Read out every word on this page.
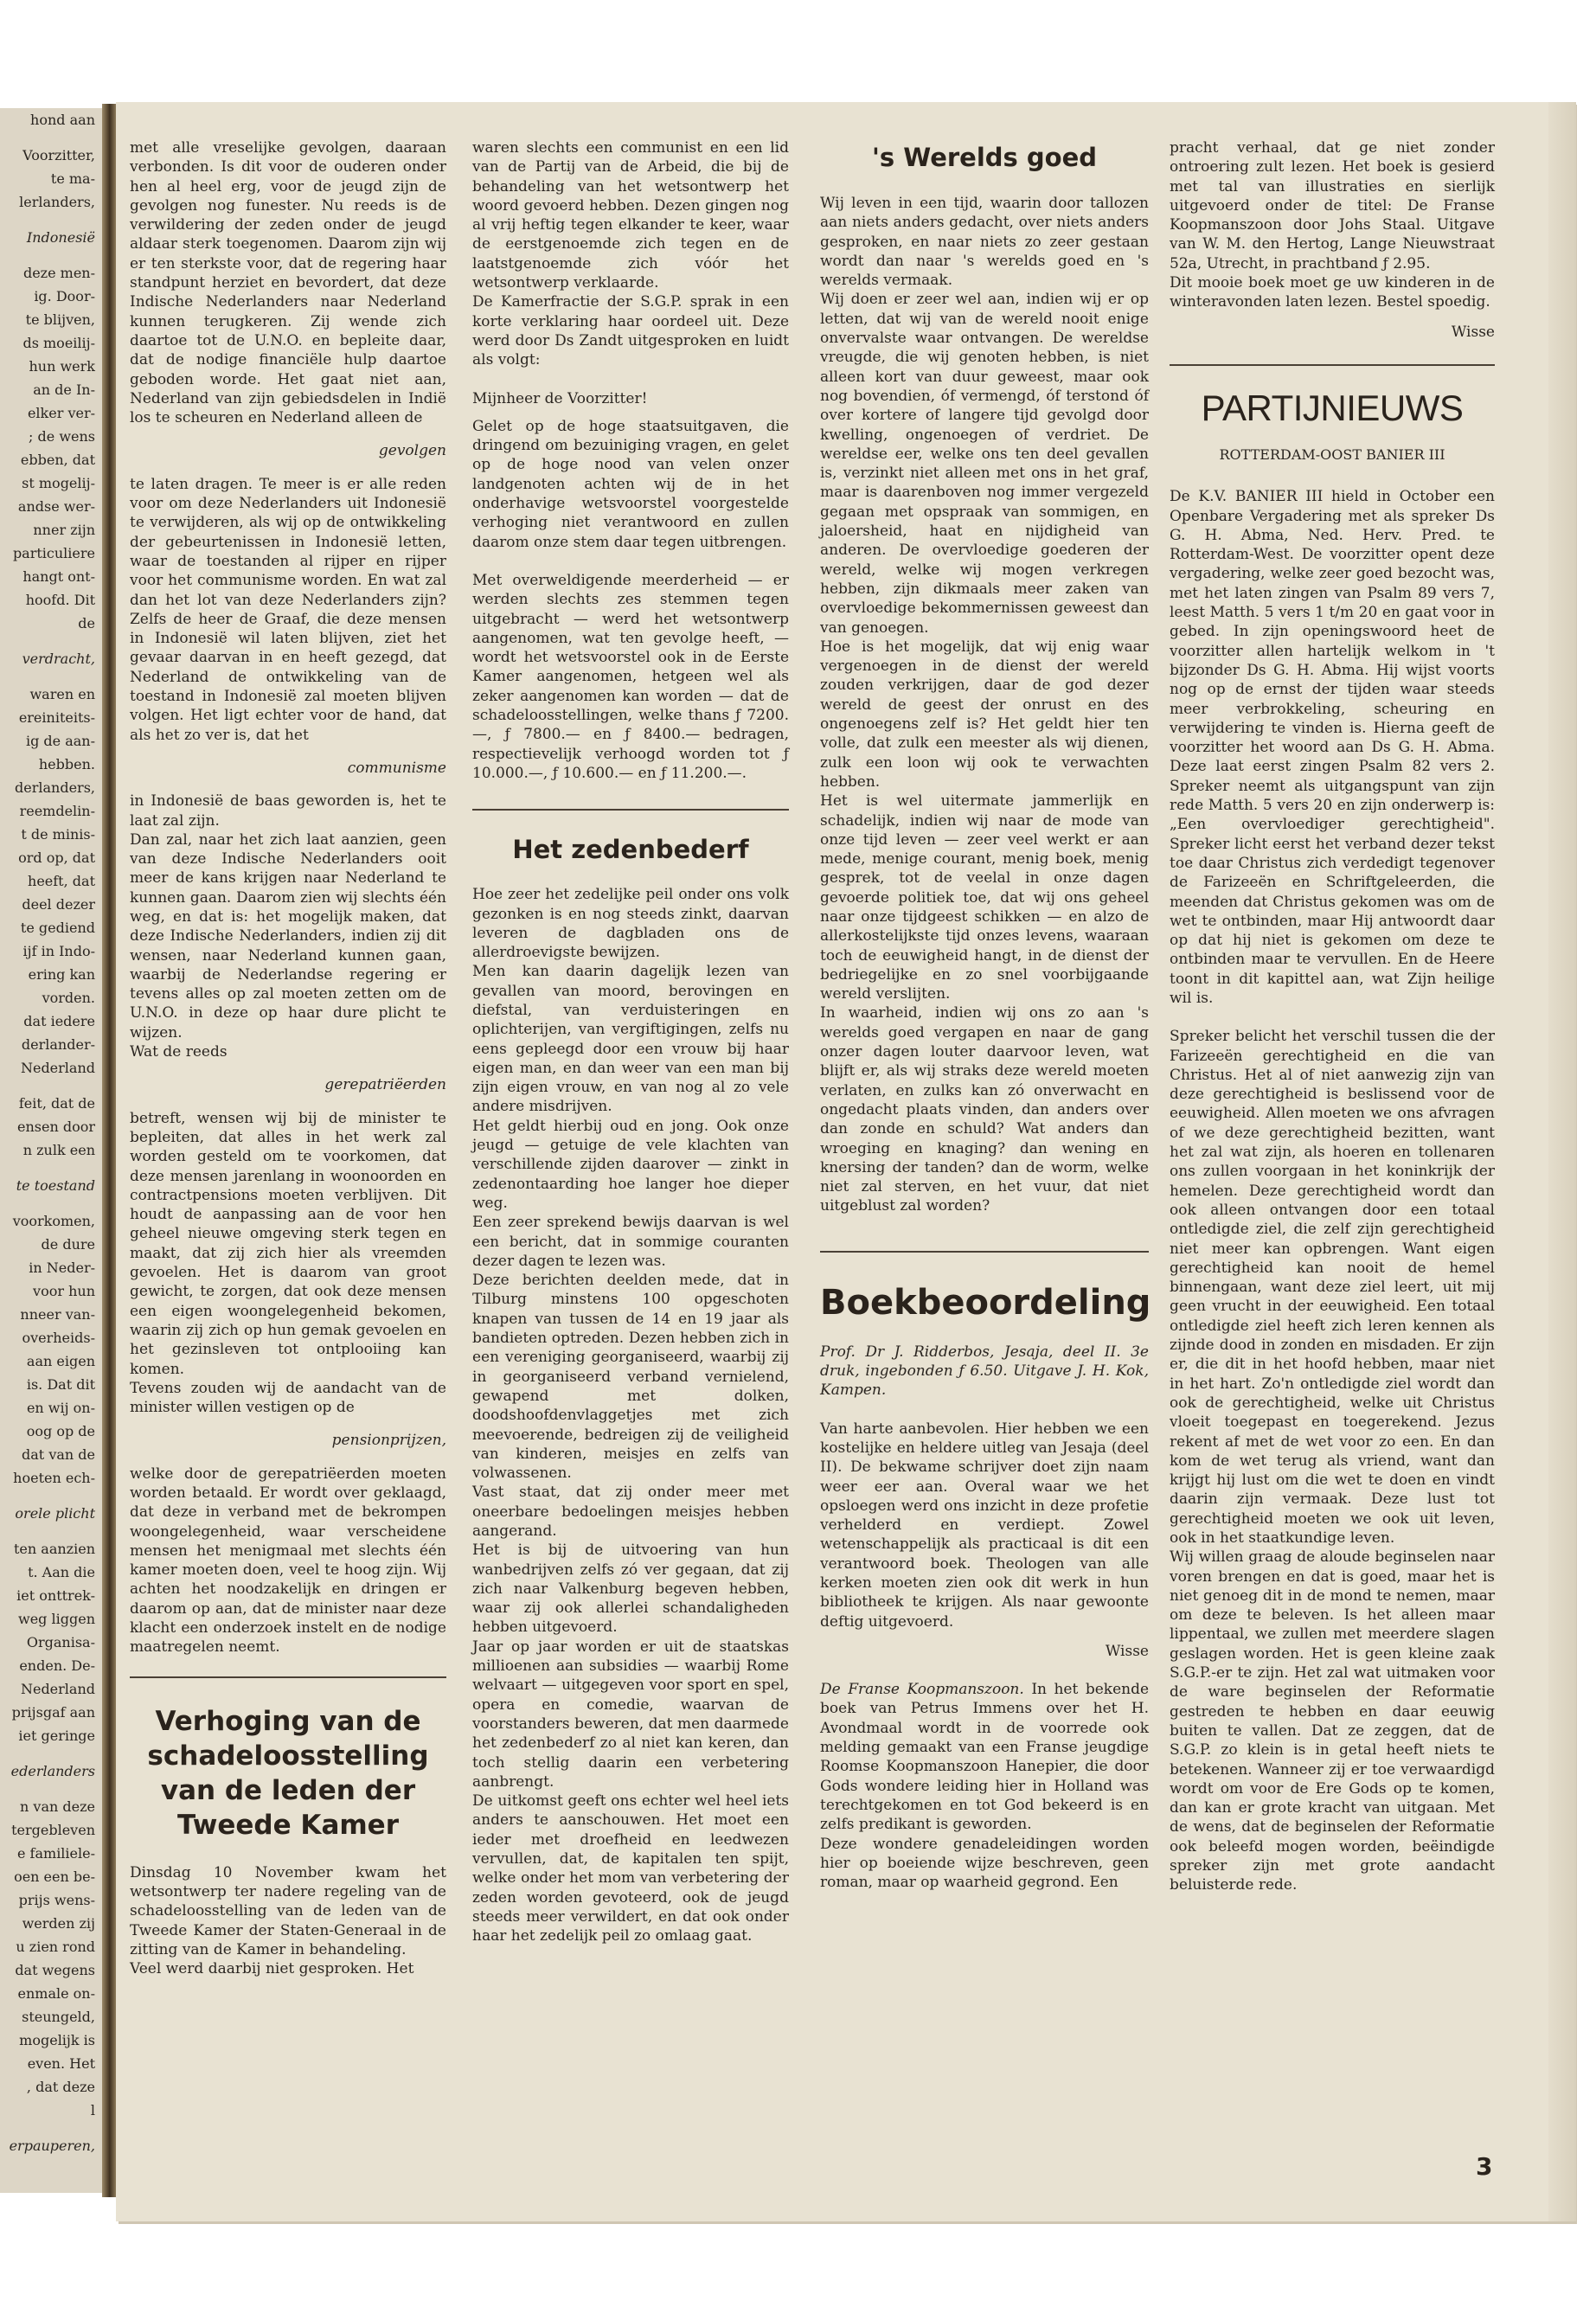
hond aan

Voorzitter,

te ma-

lerlanders,

Indonesië

deze men-

ig. Door-

te blijven,

ds moeilij-

hun werk

an de In-

elker ver-

; de wens

ebben, dat

st mogelij-

andse wer-

nner zijn

particuliere

hangt ont-

hoofd. Dit

de

verdracht,

waren en

ereiniteits-

ig de aan-

hebben.

derlanders,

reemdelin-

t de minis-

ord op, dat

heeft, dat

deel dezer

te gediend

ijf in Indo-

ering kan

vorden.

dat iedere

derlander-

Nederland

feit, dat de

ensen door

n zulk een

te toestand

voorkomen,

de dure

in Neder-

voor hun

nneer van-

overheids-

aan eigen

is. Dat dit

en wij on-

oog op de

dat van de

hoeten ech-

orele plicht

ten aanzien

t. Aan die

iet onttrek-

weg liggen

Organisa-

enden. De-

Nederland

prijsgaf aan

iet geringe

ederlanders

n van deze

tergebleven

e familiele-

oen een be-

prijs wens-

werden zij

u zien rond

dat wegens

enmale on-

steungeld,

mogelijk is

even. Het

, dat deze

l

erpauperen,

met alle vreselijke gevolgen, daaraan verbonden. Is dit voor de ouderen onder hen al heel erg, voor de jeugd zijn de gevolgen nog funester. Nu reeds is de verwildering der zeden onder de jeugd aldaar sterk toegenomen. Daarom zijn wij er ten sterkste voor, dat de regering haar standpunt herziet en bevordert, dat deze Indische Nederlanders naar Nederland kunnen terugkeren. Zij wende zich daartoe tot de U.N.O. en bepleite daar, dat de nodige financiële hulp daartoe geboden worde. Het gaat niet aan, Nederland van zijn gebiedsdelen in Indië los te scheuren en Nederland alleen de

gevolgen

te laten dragen. Te meer is er alle reden voor om deze Nederlanders uit Indonesië te verwijderen, als wij op de ontwikkeling der gebeurtenissen in Indonesië letten, waar de toestanden al rijper en rijper voor het communisme worden. En wat zal dan het lot van deze Nederlanders zijn? Zelfs de heer de Graaf, die deze mensen in Indonesië wil laten blijven, ziet het gevaar daarvan in en heeft gezegd, dat Nederland de ontwikkeling van de toestand in Indonesië zal moeten blijven volgen. Het ligt echter voor de hand, dat als het zo ver is, dat het

communisme

in Indonesië de baas geworden is, het te laat zal zijn.

Dan zal, naar het zich laat aanzien, geen van deze Indische Nederlanders ooit meer de kans krijgen naar Nederland te kunnen gaan. Daarom zien wij slechts één weg, en dat is: het mogelijk maken, dat deze Indische Nederlanders, indien zij dit wensen, naar Nederland kunnen gaan, waarbij de Nederlandse regering er tevens alles op zal moeten zetten om de U.N.O. in deze op haar dure plicht te wijzen.

Wat de reeds

gerepatriëerden

betreft, wensen wij bij de minister te bepleiten, dat alles in het werk zal worden gesteld om te voorkomen, dat deze mensen jarenlang in woonoorden en contractpensions moeten verblijven. Dit houdt de aanpassing aan de voor hen geheel nieuwe omgeving sterk tegen en maakt, dat zij zich hier als vreemden gevoelen. Het is daarom van groot gewicht, te zorgen, dat ook deze mensen een eigen woongelegenheid bekomen, waarin zij zich op hun gemak gevoelen en het gezinsleven tot ontplooiing kan komen.

Tevens zouden wij de aandacht van de minister willen vestigen op de

pensionprijzen,

welke door de gerepatriëerden moeten worden betaald. Er wordt over geklaagd, dat deze in verband met de bekrompen woongelegenheid, waar verscheidene mensen het menigmaal met slechts één kamer moeten doen, veel te hoog zijn. Wij achten het noodzakelijk en dringen er daarom op aan, dat de minister naar deze klacht een onderzoek instelt en de nodige maatregelen neemt.

Verhoging van de schadeloosstelling van de leden der Tweede Kamer

Dinsdag 10 November kwam het wetsontwerp ter nadere regeling van de schadeloosstelling van de leden van de Tweede Kamer der Staten-Generaal in de zitting van de Kamer in behandeling.

Veel werd daarbij niet gesproken. Het

waren slechts een communist en een lid van de Partij van de Arbeid, die bij de behandeling van het wetsontwerp het woord gevoerd hebben. Dezen gingen nog al vrij heftig tegen elkander te keer, waar de eerstgenoemde zich tegen en de laatstgenoemde zich vóór het wetsontwerp verklaarde.

De Kamerfractie der S.G.P. sprak in een korte verklaring haar oordeel uit. Deze werd door Ds Zandt uitgesproken en luidt als volgt:

Mijnheer de Voorzitter!

Gelet op de hoge staatsuitgaven, die dringend om bezuiniging vragen, en gelet op de hoge nood van velen onzer landgenoten achten wij de in het onderhavige wetsvoorstel voorgestelde verhoging niet verantwoord en zullen daarom onze stem daar tegen uitbrengen.

Met overweldigende meerderheid — er werden slechts zes stemmen tegen uitgebracht — werd het wetsontwerp aangenomen, wat ten gevolge heeft, — wordt het wetsvoorstel ook in de Eerste Kamer aangenomen, hetgeen wel als zeker aangenomen kan worden — dat de schadeloosstellingen, welke thans ƒ 7200.—, ƒ 7800.— en ƒ 8400.— bedragen, respectievelijk verhoogd worden tot ƒ 10.000.—, ƒ 10.600.— en ƒ 11.200.—.

Het zedenbederf

Hoe zeer het zedelijke peil onder ons volk gezonken is en nog steeds zinkt, daarvan leveren de dagbladen ons de allerdroevigste bewijzen.

Men kan daarin dagelijk lezen van gevallen van moord, berovingen en diefstal, van verduisteringen en oplichterijen, van vergiftigingen, zelfs nu eens gepleegd door een vrouw bij haar eigen man, en dan weer van een man bij zijn eigen vrouw, en van nog al zo vele andere misdrijven.

Het geldt hierbij oud en jong. Ook onze jeugd — getuige de vele klachten van verschillende zijden daarover — zinkt in zedenontaarding hoe langer hoe dieper weg.

Een zeer sprekend bewijs daarvan is wel een bericht, dat in sommige couranten dezer dagen te lezen was.

Deze berichten deelden mede, dat in Tilburg minstens 100 opgeschoten knapen van tussen de 14 en 19 jaar als bandieten optreden. Dezen hebben zich in een vereniging georganiseerd, waarbij zij in georganiseerd verband vernielend, gewapend met dolken, doodshoofdenvlaggetjes met zich meevoerende, bedreigen zij de veiligheid van kinderen, meisjes en zelfs van volwassenen.

Vast staat, dat zij onder meer met oneerbare bedoelingen meisjes hebben aangerand.

Het is bij de uitvoering van hun wanbedrijven zelfs zó ver gegaan, dat zij zich naar Valkenburg begeven hebben, waar zij ook allerlei schandaligheden hebben uitgevoerd.

Jaar op jaar worden er uit de staatskas millioenen aan subsidies — waarbij Rome welvaart — uitgegeven voor sport en spel, opera en comedie, waarvan de voorstanders beweren, dat men daarmede het zedenbederf zo al niet kan keren, dan toch stellig daarin een verbetering aanbrengt.

De uitkomst geeft ons echter wel heel iets anders te aanschouwen. Het moet een ieder met droefheid en leedwezen vervullen, dat, de kapitalen ten spijt, welke onder het mom van verbetering der zeden worden gevoteerd, ook de jeugd steeds meer verwildert, en dat ook onder haar het zedelijk peil zo omlaag gaat.

's Werelds goed

Wij leven in een tijd, waarin door tallozen aan niets anders gedacht, over niets anders gesproken, en naar niets zo zeer gestaan wordt dan naar 's werelds goed en 's werelds vermaak.

Wij doen er zeer wel aan, indien wij er op letten, dat wij van de wereld nooit enige onvervalste waar ontvangen. De wereldse vreugde, die wij genoten hebben, is niet alleen kort van duur geweest, maar ook nog bovendien, óf vermengd, óf terstond óf over kortere of langere tijd gevolgd door kwelling, ongenoegen of verdriet. De wereldse eer, welke ons ten deel gevallen is, verzinkt niet alleen met ons in het graf, maar is daarenboven nog immer vergezeld gegaan met opspraak van sommigen, en jaloersheid, haat en nijdigheid van anderen. De overvloedige goederen der wereld, welke wij mogen verkregen hebben, zijn dikmaals meer zaken van overvloedige bekommernissen geweest dan van genoegen.

Hoe is het mogelijk, dat wij enig waar vergenoegen in de dienst der wereld zouden verkrijgen, daar de god dezer wereld de geest der onrust en des ongenoegens zelf is? Het geldt hier ten volle, dat zulk een meester als wij dienen, zulk een loon wij ook te verwachten hebben.

Het is wel uitermate jammerlijk en schadelijk, indien wij naar de mode van onze tijd leven — zeer veel werkt er aan mede, menige courant, menig boek, menig gesprek, tot de veelal in onze dagen gevoerde politiek toe, dat wij ons geheel naar onze tijdgeest schikken — en alzo de allerkostelijkste tijd onzes levens, waaraan toch de eeuwigheid hangt, in de dienst der bedriegelijke en zo snel voorbijgaande wereld verslijten.

In waarheid, indien wij ons zo aan 's werelds goed vergapen en naar de gang onzer dagen louter daarvoor leven, wat blijft er, als wij straks deze wereld moeten verlaten, en zulks kan zó onverwacht en ongedacht plaats vinden, dan anders over dan zonde en schuld? Wat anders dan wroeging en knaging? dan wening en knersing der tanden? dan de worm, welke niet zal sterven, en het vuur, dat niet uitgeblust zal worden?

Boekbeoordeling

Prof. Dr J. Ridderbos, Jesaja, deel II. 3e druk, ingebonden ƒ 6.50. Uitgave J. H. Kok, Kampen.

Van harte aanbevolen. Hier hebben we een kostelijke en heldere uitleg van Jesaja (deel II). De bekwame schrijver doet zijn naam weer eer aan. Overal waar we het opsloegen werd ons inzicht in deze profetie verhelderd en verdiept. Zowel wetenschappelijk als practicaal is dit een verantwoord boek. Theologen van alle kerken moeten zien ook dit werk in hun bibliotheek te krijgen. Als naar gewoonte deftig uitgevoerd.

Wisse

De Franse Koopmanszoon. In het bekende boek van Petrus Immens over het H. Avondmaal wordt in de voorrede ook melding gemaakt van een Franse jeugdige Roomse Koopmanszoon Hanepier, die door Gods wondere leiding hier in Holland was terechtgekomen en tot God bekeerd is en zelfs predikant is geworden.

Deze wondere genadeleidingen worden hier op boeiende wijze beschreven, geen roman, maar op waarheid gegrond. Een

pracht verhaal, dat ge niet zonder ontroering zult lezen. Het boek is gesierd met tal van illustraties en sierlijk uitgevoerd onder de titel: De Franse Koopmanszoon door Johs Staal. Uitgave van W. M. den Hertog, Lange Nieuwstraat 52a, Utrecht, in prachtband ƒ 2.95.

Dit mooie boek moet ge uw kinderen in de winteravonden laten lezen. Bestel spoedig.

Wisse

PARTIJNIEUWS

ROTTERDAM-OOST BANIER III

De K.V. BANIER III hield in October een Openbare Vergadering met als spreker Ds G. H. Abma, Ned. Herv. Pred. te Rotterdam-West. De voorzitter opent deze vergadering, welke zeer goed bezocht was, met het laten zingen van Psalm 89 vers 7, leest Matth. 5 vers 1 t/m 20 en gaat voor in gebed. In zijn openingswoord heet de voorzitter allen hartelijk welkom in 't bijzonder Ds G. H. Abma. Hij wijst voorts nog op de ernst der tijden waar steeds meer verbrokkeling, scheuring en verwijdering te vinden is. Hierna geeft de voorzitter het woord aan Ds G. H. Abma. Deze laat eerst zingen Psalm 82 vers 2. Spreker neemt als uitgangspunt van zijn rede Matth. 5 vers 20 en zijn onderwerp is: „Een overvloediger gerechtigheid". Spreker licht eerst het verband dezer tekst toe daar Christus zich verdedigt tegenover de Farizeeën en Schriftgeleerden, die meenden dat Christus gekomen was om de wet te ontbinden, maar Hij antwoordt daar op dat hij niet is gekomen om deze te ontbinden maar te vervullen. En de Heere toont in dit kapittel aan, wat Zijn heilige wil is.

Spreker belicht het verschil tussen die der Farizeeën gerechtigheid en die van Christus. Het al of niet aanwezig zijn van deze gerechtigheid is beslissend voor de eeuwigheid. Allen moeten we ons afvragen of we deze gerechtigheid bezitten, want het zal wat zijn, als hoeren en tollenaren ons zullen voorgaan in het koninkrijk der hemelen. Deze gerechtigheid wordt dan ook alleen ontvangen door een totaal ontledigde ziel, die zelf zijn gerechtigheid niet meer kan opbrengen. Want eigen gerechtigheid kan nooit de hemel binnengaan, want deze ziel leert, uit mij geen vrucht in der eeuwigheid. Een totaal ontledigde ziel heeft zich leren kennen als zijnde dood in zonden en misdaden. Er zijn er, die dit in het hoofd hebben, maar niet in het hart. Zo'n ontledigde ziel wordt dan ook de gerechtigheid, welke uit Christus vloeit toegepast en toegerekend. Jezus rekent af met de wet voor zo een. En dan kom de wet terug als vriend, want dan krijgt hij lust om die wet te doen en vindt daarin zijn vermaak. Deze lust tot gerechtigheid moeten we ook uit leven, ook in het staatkundige leven.

Wij willen graag de aloude beginselen naar voren brengen en dat is goed, maar het is niet genoeg dit in de mond te nemen, maar om deze te beleven. Is het alleen maar lippentaal, we zullen met meerdere slagen geslagen worden. Het is geen kleine zaak S.G.P.-er te zijn. Het zal wat uitmaken voor de ware beginselen der Reformatie gestreden te hebben en daar eeuwig buiten te vallen. Dat ze zeggen, dat de S.G.P. zo klein is in getal heeft niets te betekenen. Wanneer zij er toe verwaardigd wordt om voor de Ere Gods op te komen, dan kan er grote kracht van uitgaan. Met de wens, dat de beginselen der Reformatie ook beleefd mogen worden, beëindigde spreker zijn met grote aandacht beluisterde rede.

3
